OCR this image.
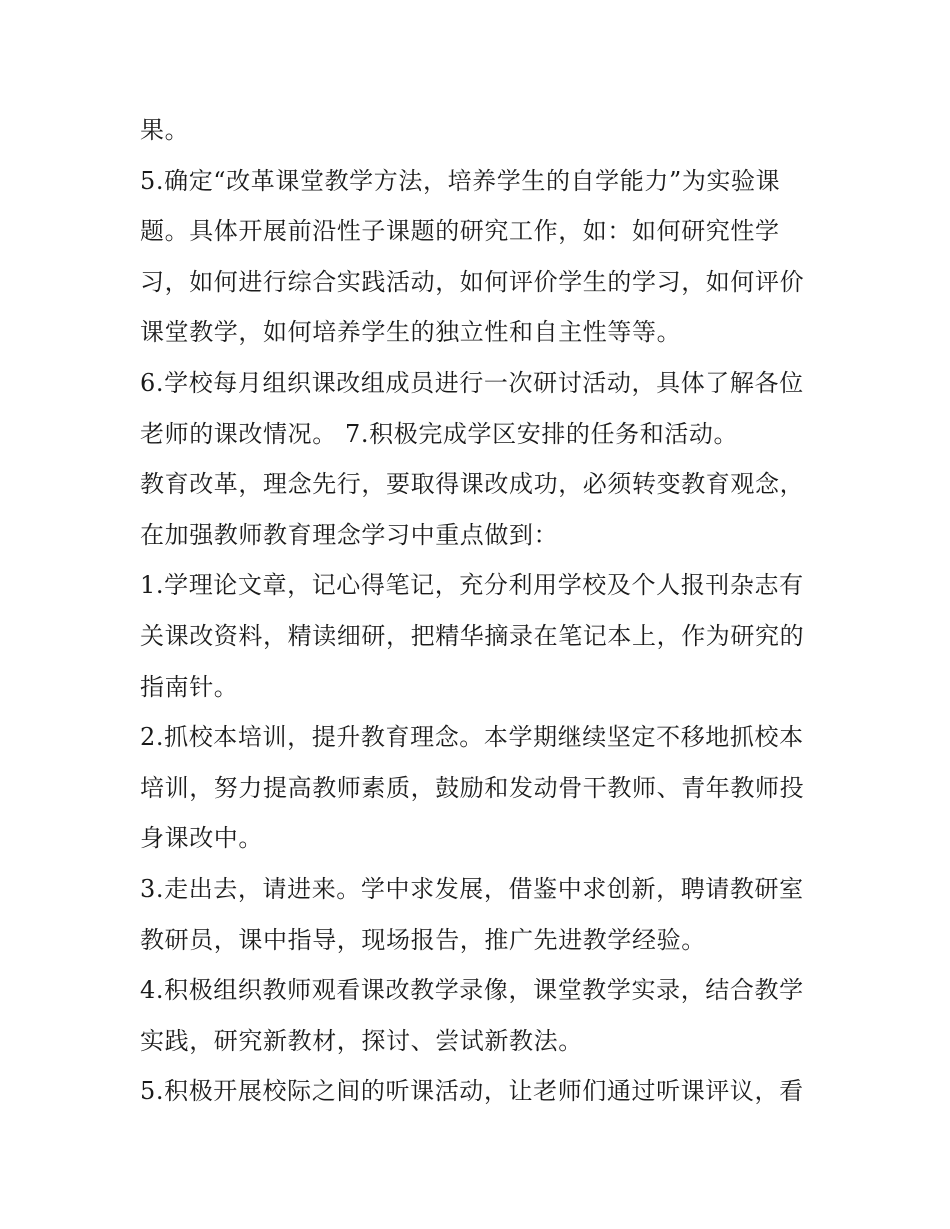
果。
5.确定“改革课堂教学方法，培养学生的自学能力”为实验课
题。具体开展前沿性子课题的研究工作，如：如何研究性学
习，如何进行综合实践活动，如何评价学生的学习，如何评价
课堂教学，如何培养学生的独立性和自主性等等。
6.学校每月组织课改组成员进行一次研讨活动，具体了解各位
老师的课改情况。 7.积极完成学区安排的任务和活动。
教育改革，理念先行，要取得课改成功，必须转变教育观念，
在加强教师教育理念学习中重点做到：
1.学理论文章，记心得笔记，充分利用学校及个人报刊杂志有
关课改资料，精读细研，把精华摘录在笔记本上，作为研究的
指南针。
2.抓校本培训，提升教育理念。本学期继续坚定不移地抓校本
培训，努力提高教师素质，鼓励和发动骨干教师、青年教师投
身课改中。
3.走出去，请进来。学中求发展，借鉴中求创新，聘请教研室
教研员，课中指导，现场报告，推广先进教学经验。
4.积极组织教师观看课改教学录像，课堂教学实录，结合教学
实践，研究新教材，探讨、尝试新教法。
5.积极开展校际之间的听课活动，让老师们通过听课评议，看
